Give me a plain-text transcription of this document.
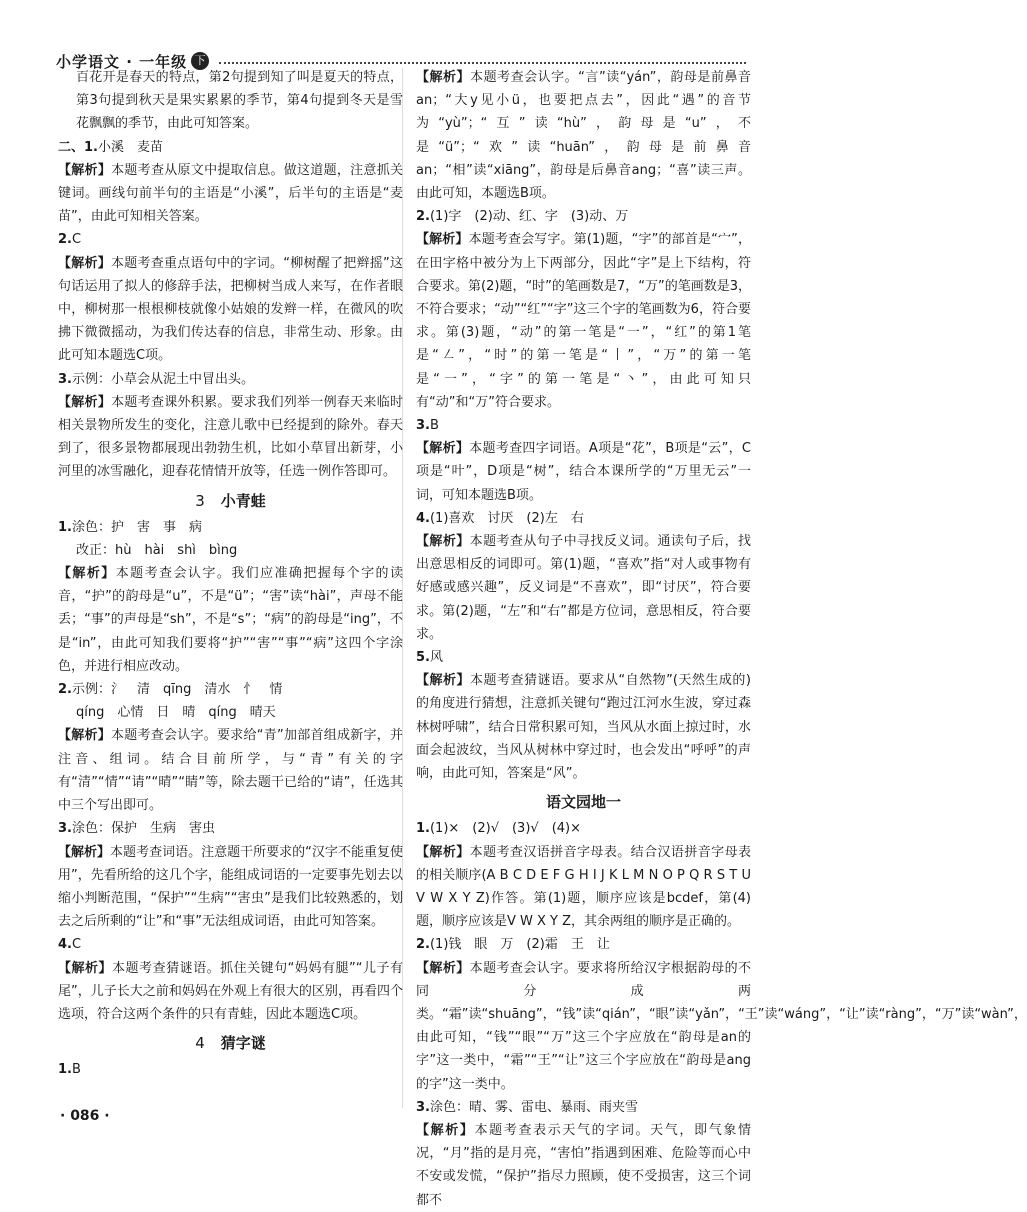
小学语文 · 一年级 下

百花开是春天的特点，第2句提到知了叫是夏天的特点，第3句提到秋天是果实累累的季节，第4句提到冬天是雪花飘飘的季节，由此可知答案。

二、1.小溪　麦苗

【解析】本题考查从原文中提取信息。做这道题，注意抓关键词。画线句前半句的主语是“小溪”，后半句的主语是“麦苗”，由此可知相关答案。

2.C

【解析】本题考查重点语句中的字词。“柳树醒了把辫摇”这句话运用了拟人的修辞手法，把柳树当成人来写，在作者眼中，柳树那一根根柳枝就像小姑娘的发辫一样，在微风的吹拂下微微摇动，为我们传达春的信息，非常生动、形象。由此可知本题选C项。

3.示例：小草会从泥土中冒出头。

【解析】本题考查课外积累。要求我们列举一例春天来临时相关景物所发生的变化，注意儿歌中已经提到的除外。春天到了，很多景物都展现出勃勃生机，比如小草冒出新芽，小河里的冰雪融化，迎春花情情开放等，任选一例作答即可。

3 小青蛙

1.涂色：护　害　事　病

改正：hù　hài　shì　bìng

【解析】本题考查会认字。我们应准确把握每个字的读音，“护”的韵母是“u”，不是“ü”；“害”读“hài”，声母不能丢；“事”的声母是“sh”，不是“s”；“病”的韵母是“ing”，不是“in”，由此可知我们要将“护”“害”“事”“病”这四个字涂色，并进行相应改动。

2.示例：氵　清　qīng　清水　忄　情

qíng　心情　日　晴　qíng　晴天

【解析】本题考查会认字。要求给“青”加部首组成新字，并注音、组词。结合目前所学，与“青”有关的字有“清”“情”“请”“晴”“睛”等，除去题干已给的“请”，任选其中三个写出即可。

3.涂色：保护　生病　害虫

【解析】本题考查词语。注意题干所要求的“汉字不能重复使用”，先看所给的这几个字，能组成词语的一定要事先划去以缩小判断范围，“保护”“生病”“害虫”是我们比较熟悉的，划去之后所剩的“让”和“事”无法组成词语，由此可知答案。

4.C

【解析】本题考查猜谜语。抓住关键句“妈妈有腿”“儿子有尾”，儿子长大之前和妈妈在外观上有很大的区别，再看四个选项，符合这两个条件的只有青蛙，因此本题选C项。

4 猜字谜

1.B

【解析】本题考查会认字。“言”读“yán”，韵母是前鼻音an；“大y见小ü，也要把点去”，因此“遇”的音节为“yù”；“互”读“hù”，韵母是“u”，不是“ü”；“欢”读“huān”，韵母是前鼻音an；“相”读“xiāng”，韵母是后鼻音ang；“喜”读三声。由此可知，本题选B项。

2.(1)字　(2)动、红、字　(3)动、万

【解析】本题考查会写字。第(1)题，“字”的部首是“宀”，在田字格中被分为上下两部分，因此“字”是上下结构，符合要求。第(2)题，“时”的笔画数是7，“万”的笔画数是3，不符合要求；“动”“红”“字”这三个字的笔画数为6，符合要求。第(3)题，“动”的第一笔是“一”，“红”的第1笔是“㇜”，“时”的第一笔是“丨”，“万”的第一笔是“一”，“字”的第一笔是“丶”，由此可知只有“动”和“万”符合要求。

3.B

【解析】本题考查四字词语。A项是“花”，B项是“云”，C项是“叶”，D项是“树”，结合本课所学的“万里无云”一词，可知本题选B项。

4.(1)喜欢　讨厌　(2)左　右

【解析】本题考查从句子中寻找反义词。通读句子后，找出意思相反的词即可。第(1)题，“喜欢”指“对人或事物有好感或感兴趣”，反义词是“不喜欢”，即“讨厌”，符合要求。第(2)题，“左”和“右”都是方位词，意思相反，符合要求。

5.风

【解析】本题考查猜谜语。要求从“自然物”(天然生成的)的角度进行猜想，注意抓关键句“跑过江河水生波，穿过森林树呼啸”，结合日常积累可知，当风从水面上掠过时，水面会起波纹，当风从树林中穿过时，也会发出“呼呼”的声响，由此可知，答案是“风”。

语文园地一

1.(1)×　(2)√　(3)√　(4)×

【解析】本题考查汉语拼音字母表。结合汉语拼音字母表的相关顺序(A B C D E F G H I J K L M N O P Q R S T U V W X Y Z)作答。第(1)题，顺序应该是bcdef，第(4)题，顺序应该是V W X Y Z，其余两组的顺序是正确的。

2.(1)钱　眼　万　(2)霜　王　让

【解析】本题考查会认字。要求将所给汉字根据韵母的不同分成两类。“霜”读“shuāng”，“钱”读“qián”，“眼”读“yǎn”，“王”读“wáng”，“让”读“ràng”，“万”读“wàn”，由此可知，“钱”“眼”“万”这三个字应放在“韵母是an的字”这一类中，“霜”“王”“让”这三个字应放在“韵母是ang的字”这一类中。

3.涂色：晴、雾、雷电、暴雨、雨夹雪

【解析】本题考查表示天气的字词。天气，即气象情况，“月”指的是月亮，“害怕”指遇到困难、危险等而心中不安或发慌，“保护”指尽力照顾，使不受损害，这三个词都不

· 086 ·
